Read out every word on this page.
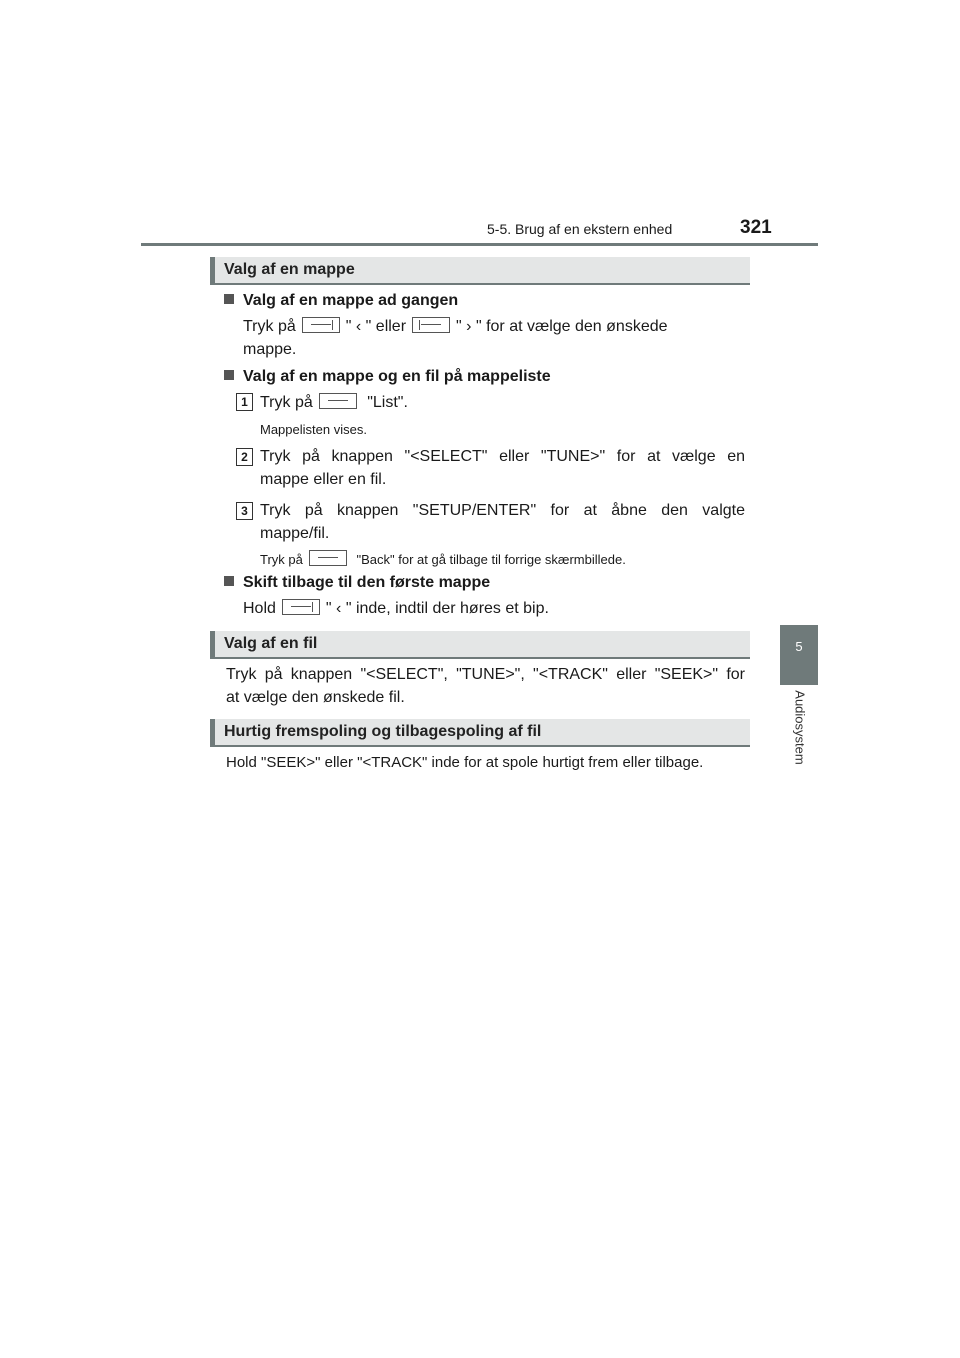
5-5. Brug af en ekstern enhed	321
5
Audiosystem
Valg af en mappe
Valg af en mappe ad gangen
Tryk på	" ‹ " eller	" › " for at vælge den ønskede
mappe.
Valg af en mappe og en fil på mappeliste
1 Tryk på	"List".
Mappelisten vises.
2 Tryk på knappen "<SELECT" eller "TUNE>" for at vælge en
mappe eller en fil.
3 Tryk på knappen "SETUP/ENTER" for at åbne den valgte
mappe/fil.
Tryk på	"Back" for at gå tilbage til forrige skærmbillede.
Skift tilbage til den første mappe
Hold	" ‹ " inde, indtil der høres et bip.
Valg af en fil
Tryk på knappen "<SELECT", "TUNE>", "<TRACK" eller "SEEK>" for
at vælge den ønskede fil.
Hurtig fremspoling og tilbagespoling af fil
Hold "SEEK>" eller "<TRACK" inde for at spole hurtigt frem eller tilbage.
